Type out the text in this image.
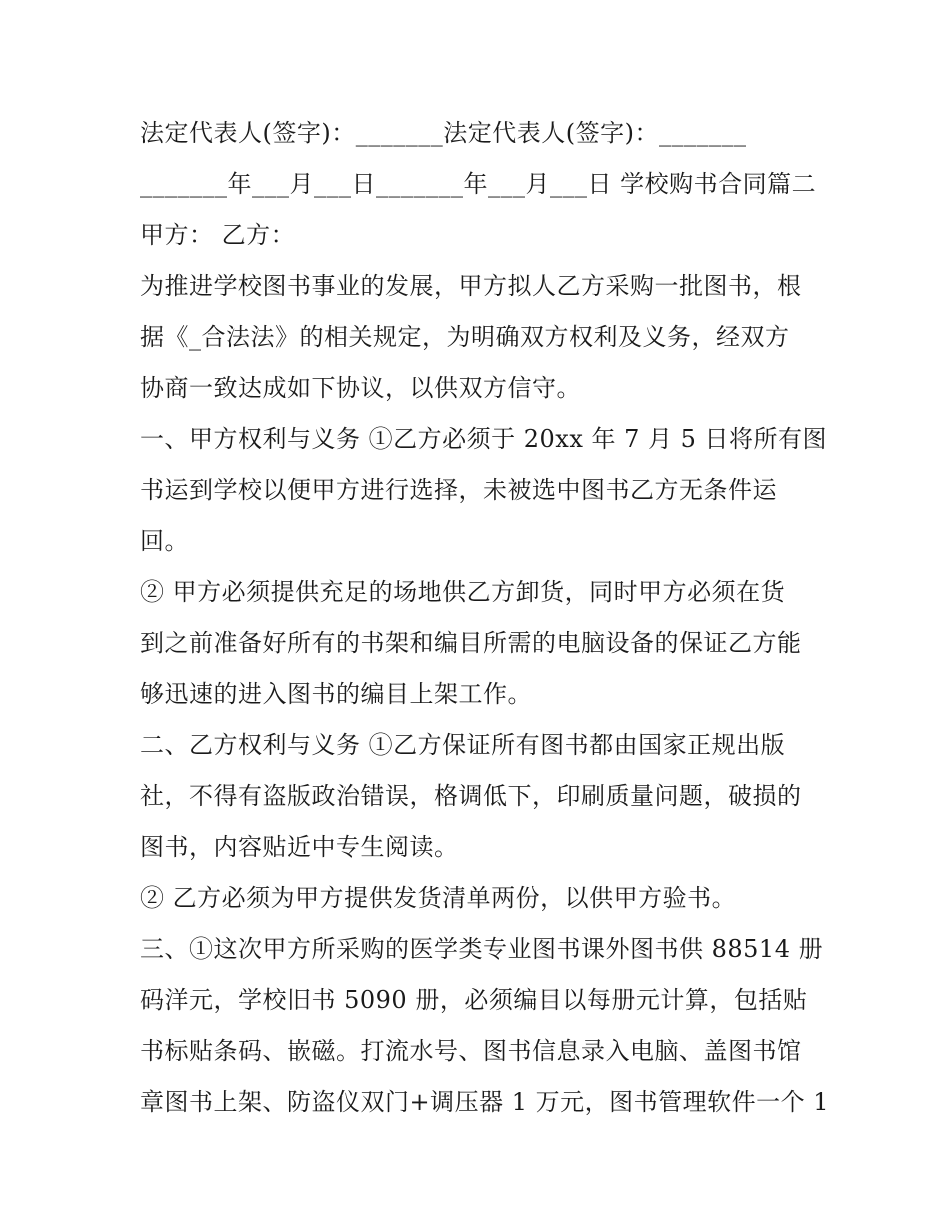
法定代表人(签字)：_______法定代表人(签字)：_______
_______年___月___日_______年___月___日 学校购书合同篇二
甲方： 乙方：
为推进学校图书事业的发展，甲方拟人乙方采购一批图书，根
据《_合法法》的相关规定，为明确双方权利及义务，经双方
协商一致达成如下协议，以供双方信守。
一、甲方权利与义务 ①乙方必须于 20xx 年 7 月 5 日将所有图
书运到学校以便甲方进行选择，未被选中图书乙方无条件运
回。
② 甲方必须提供充足的场地供乙方卸货，同时甲方必须在货
到之前准备好所有的书架和编目所需的电脑设备的保证乙方能
够迅速的进入图书的编目上架工作。
二、乙方权利与义务 ①乙方保证所有图书都由国家正规出版
社，不得有盗版政治错误，格调低下，印刷质量问题，破损的
图书，内容贴近中专生阅读。
② 乙方必须为甲方提供发货清单两份，以供甲方验书。
三、①这次甲方所采购的医学类专业图书课外图书供 88514 册
码洋元，学校旧书 5090 册，必须编目以每册元计算，包括贴
书标贴条码、嵌磁。打流水号、图书信息录入电脑、盖图书馆
章图书上架、防盗仪双门+调压器 1 万元，图书管理软件一个 1
